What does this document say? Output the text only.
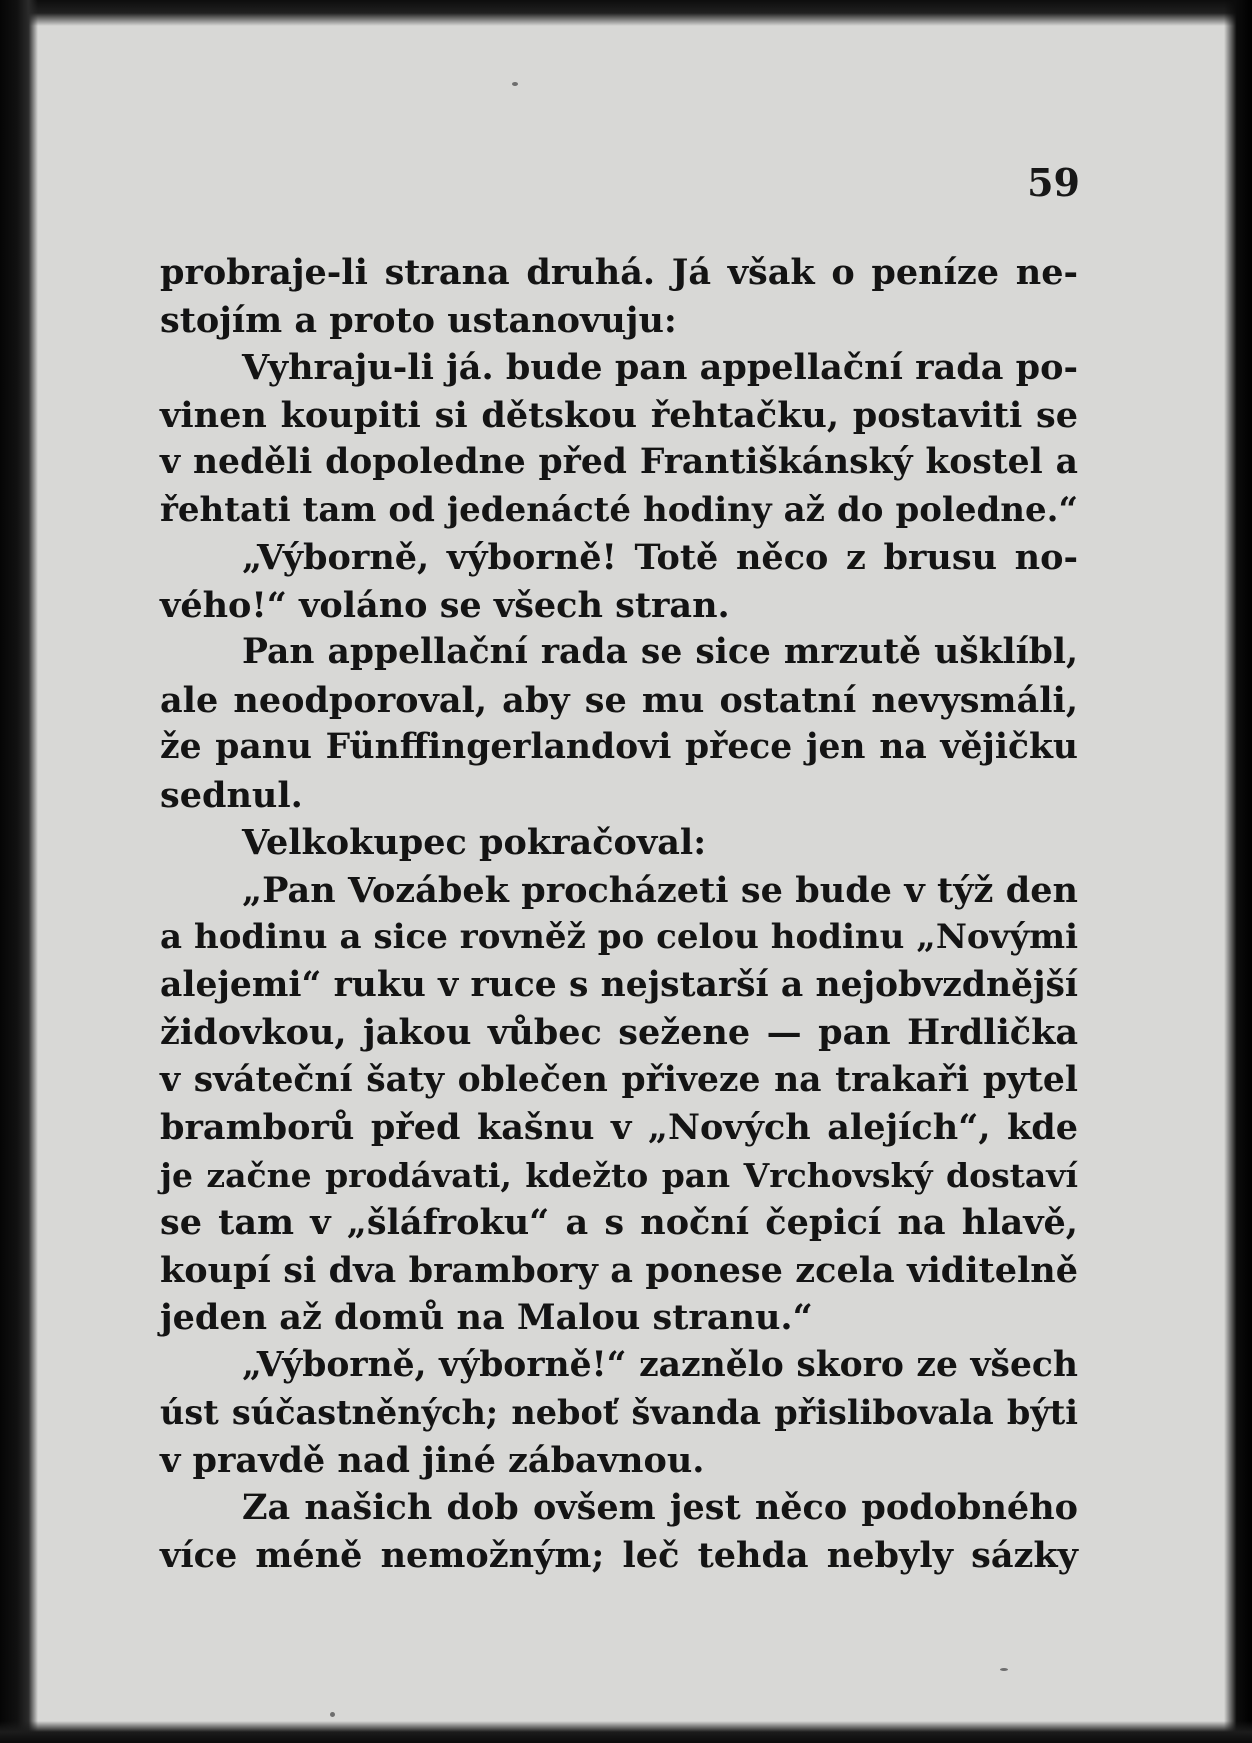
59
probraje-li strana druhá. Já však o peníze ne-
stojím a proto ustanovuju:
Vyhraju-li já. bude pan appellační rada po-
vinen koupiti si dětskou řehtačku, postaviti se
v neděli dopoledne před Františkánský kostel a
řehtati tam od jedenácté hodiny až do poledne.“
„Výborně, výborně! Totě něco z brusu no-
vého!“ voláno se všech stran.
Pan appellační rada se sice mrzutě ušklíbl,
ale neodporoval, aby se mu ostatní nevysmáli,
že panu Fünffingerlandovi přece jen na vějičku
sednul.
Velkokupec pokračoval:
„Pan Vozábek procházeti se bude v týž den
a hodinu a sice rovněž po celou hodinu „Novými
alejemi“ ruku v ruce s nejstarší a nejobvzdnější
židovkou, jakou vůbec sežene — pan Hrdlička
v sváteční šaty oblečen přiveze na trakaři pytel
bramborů před kašnu v „Nových alejích“, kde
je začne prodávati, kdežto pan Vrchovský dostaví
se tam v „šláfroku“ a s noční čepicí na hlavě,
koupí si dva brambory a ponese zcela viditelně
jeden až domů na Malou stranu.“
„Výborně, výborně!“ zaznělo skoro ze všech
úst súčastněných; neboť švanda přislibovala býti
v pravdě nad jiné zábavnou.
Za našich dob ovšem jest něco podobného
více méně nemožným; leč tehda nebyly sázky
